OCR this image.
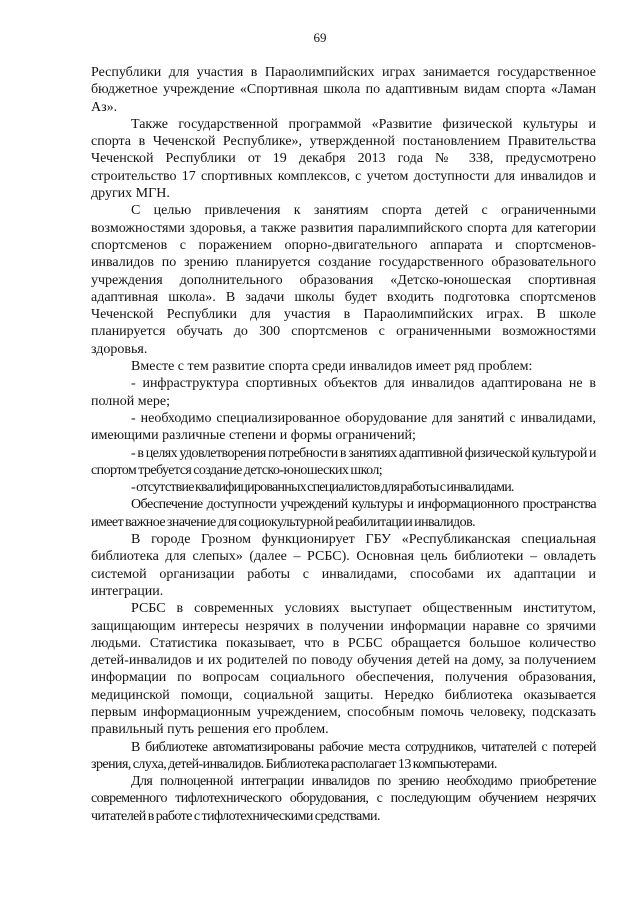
69

Республики для участия в Параолимпийских играх занимается государственное бюджетное учреждение «Спортивная школа по адаптивным видам спорта «Ламан Аз».

Также государственной программой «Развитие физической культуры и спорта в Чеченской Республике», утвержденной постановлением Правительства Чеченской Республики от 19 декабря 2013 года № 338, предусмотрено строительство 17 спортивных комплексов, с учетом доступности для инвалидов и других МГН.

С целью привлечения к занятиям спорта детей с ограниченными возможностями здоровья, а также развития паралимпийского спорта для категории спортсменов с поражением опорно-двигательного аппарата и спортсменов-инвалидов по зрению планируется создание государственного образовательного учреждения дополнительного образования «Детско-юношеская спортивная адаптивная школа». В задачи школы будет входить подготовка спортсменов Чеченской Республики для участия в Параолимпийских играх. В школе планируется обучать до 300 спортсменов с ограниченными возможностями здоровья.

Вместе с тем развитие спорта среди инвалидов имеет ряд проблем:

- инфраструктура спортивных объектов для инвалидов адаптирована не в полной мере;

- необходимо специализированное оборудование для занятий с инвалидами, имеющими различные степени и формы ограничений;

- в целях удовлетворения потребности в занятиях адаптивной физической культурой и спортом требуется создание детско-юношеских школ;

- отсутствие квалифицированных специалистов для работы с инвалидами.

Обеспечение доступности учреждений культуры и информационного пространства имеет важное значение для социокультурной реабилитации инвалидов.

В городе Грозном функционирует ГБУ «Республиканская специальная библиотека для слепых» (далее – РСБС). Основная цель библиотеки – овладеть системой организации работы с инвалидами, способами их адаптации и интеграции.

РСБС в современных условиях выступает общественным институтом, защищающим интересы незрячих в получении информации наравне со зрячими людьми. Статистика показывает, что в РСБС обращается большое количество детей-инвалидов и их родителей по поводу обучения детей на дому, за получением информации по вопросам социального обеспечения, получения образования, медицинской помощи, социальной защиты. Нередко библиотека оказывается первым информационным учреждением, способным помочь человеку, подсказать правильный путь решения его проблем.

В библиотеке автоматизированы рабочие места сотрудников, читателей с потерей зрения, слуха, детей-инвалидов. Библиотека располагает 13 компьютерами.

Для полноценной интеграции инвалидов по зрению необходимо приобретение современного тифлотехнического оборудования, с последующим обучением незрячих читателей в работе с тифлотехническими средствами.
